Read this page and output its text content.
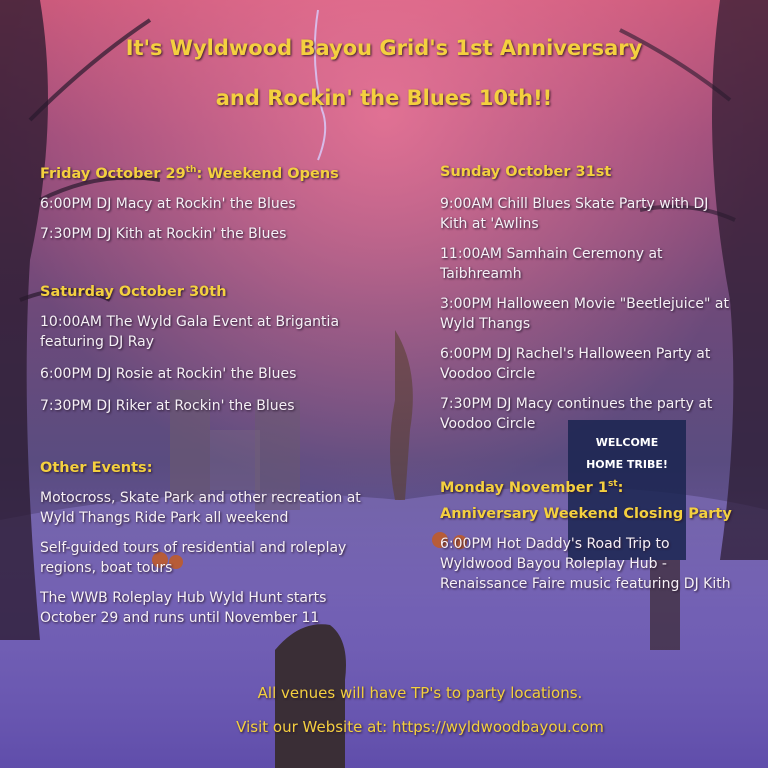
WELCOME
HOME TRIBE!
It's Wyldwood Bayou Grid's 1st Anniversary
and Rockin' the Blues 10th!!
Friday October 29th: Weekend Opens
6:00PM DJ Macy at Rockin' the Blues
7:30PM DJ Kith at Rockin' the Blues
Saturday October 30th
10:00AM The Wyld Gala Event at Brigantia
featuring DJ Ray
6:00PM DJ Rosie at Rockin' the Blues
7:30PM DJ Riker at Rockin' the Blues
Other Events:
Motocross, Skate Park and other recreation at
Wyld Thangs Ride Park all weekend
Self-guided tours of residential and roleplay
regions, boat tours
The WWB Roleplay Hub Wyld Hunt starts
October 29 and runs until November 11
Sunday October 31st
9:00AM Chill Blues Skate Party with DJ
Kith at 'Awlins
11:00AM Samhain Ceremony at
Taibhreamh
3:00PM Halloween Movie "Beetlejuice" at
Wyld Thangs
6:00PM DJ Rachel's Halloween Party at
Voodoo Circle
7:30PM DJ Macy continues the party at
Voodoo Circle
Monday November 1st:
Anniversary Weekend Closing Party
6:00PM Hot Daddy's Road Trip to
Wyldwood Bayou Roleplay Hub -
Renaissance Faire music featuring DJ Kith
All venues will have TP's to party locations.
Visit our Website at: https://wyldwoodbayou.com
